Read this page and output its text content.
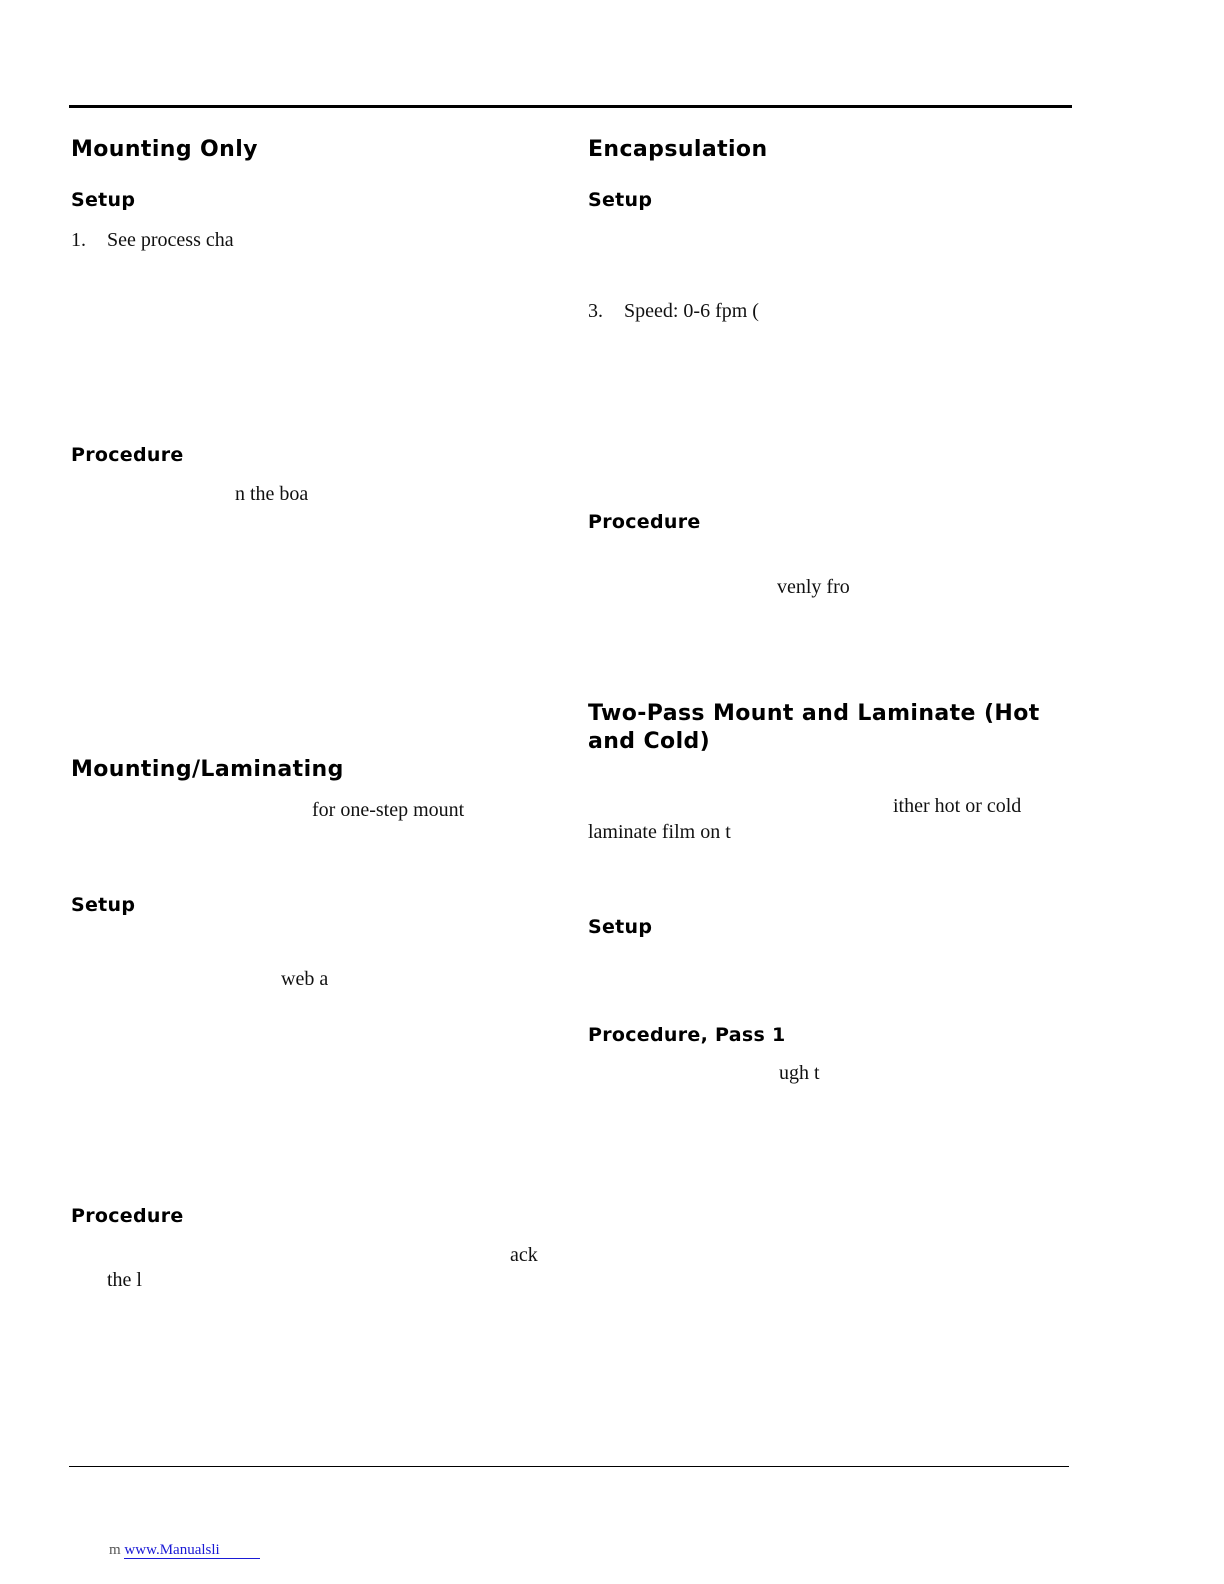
Mounting Only
Setup
1. See process cha
Procedure
n the boa
Mounting/Laminating
for one-step mount
Setup
web a
Procedure
ack
the l
Encapsulation
Setup
3. Speed: 0-6 fpm (
Procedure
venly fro
Two-Pass Mount and Laminate (Hot and Cold)
ither hot or cold
laminate film on t
Setup
Procedure, Pass 1
ugh t
m www.Manualsli
